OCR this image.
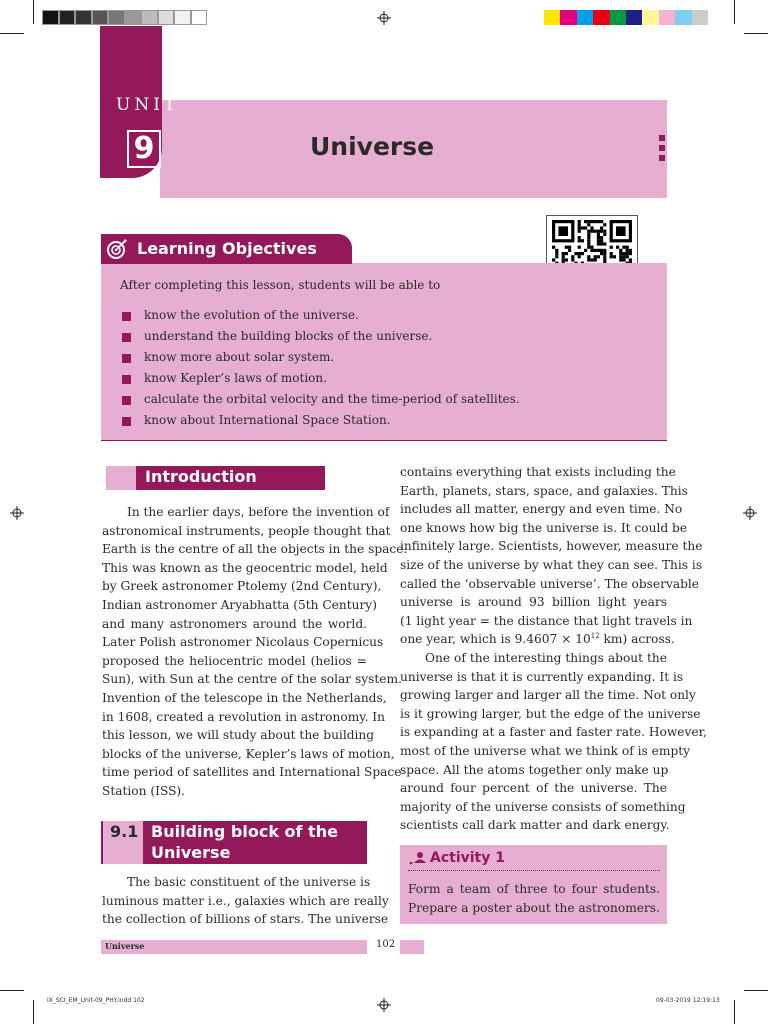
UNIT
9	Universe
Learning Objectives
After completing this lesson, students will be able to
know the evolution of the universe.
understand the building blocks of the universe.
know more about solar system.
know Kepler’s laws of motion.
calculate the orbital velocity and the time-period of satellites.
know about International Space Station.
Introduction
In the earlier days, before the invention of
astronomical instruments, people thought that
Earth is the centre of all the objects in the space.
This was known as the geocentric model, held
by Greek astronomer Ptolemy (2nd Century),
Indian astronomer Aryabhatta (5th Century)
and many astronomers around the world.
Later Polish astronomer Nicolaus Copernicus
proposed the heliocentric model (helios =
Sun), with Sun at the centre of the solar system.
Invention of the telescope in the Netherlands,
in 1608, created a revolution in astronomy. In
this lesson, we will study about the building
blocks of the universe, Kepler’s laws of motion,
time period of satellites and International Space
Station (ISS).
9.1 Building block of the
Universe
The basic constituent of the universe is
luminous matter i.e., galaxies which are really
the collection of billions of stars. The universe
contains everything that exists including the
Earth, planets, stars, space, and galaxies. This
includes all matter, energy and even time. No
one knows how big the universe is. It could be
infinitely large. Scientists, however, measure the
size of the universe by what they can see. This is
called the ‘observable universe’. The observable
universe is around 93 billion light years
(1 light year = the distance that light travels in
one year, which is $9.4607 \times 10^{12}$ km) across.
One of the interesting things about the
universe is that it is currently expanding. It is
growing larger and larger all the time. Not only
is it growing larger, but the edge of the universe
is expanding at a faster and faster rate. However,
most of the universe what we think of is empty
space. All the atoms together only make up
around four percent of the universe. The
majority of the universe consists of something
scientists call dark matter and dark energy.
Activity 1
Form a team of three to four students.
Prepare a poster about the astronomers.
Universe	102
IX_SCI_EM_Unit-09_PHY.indd 102	09-03-2019 12:19:13
